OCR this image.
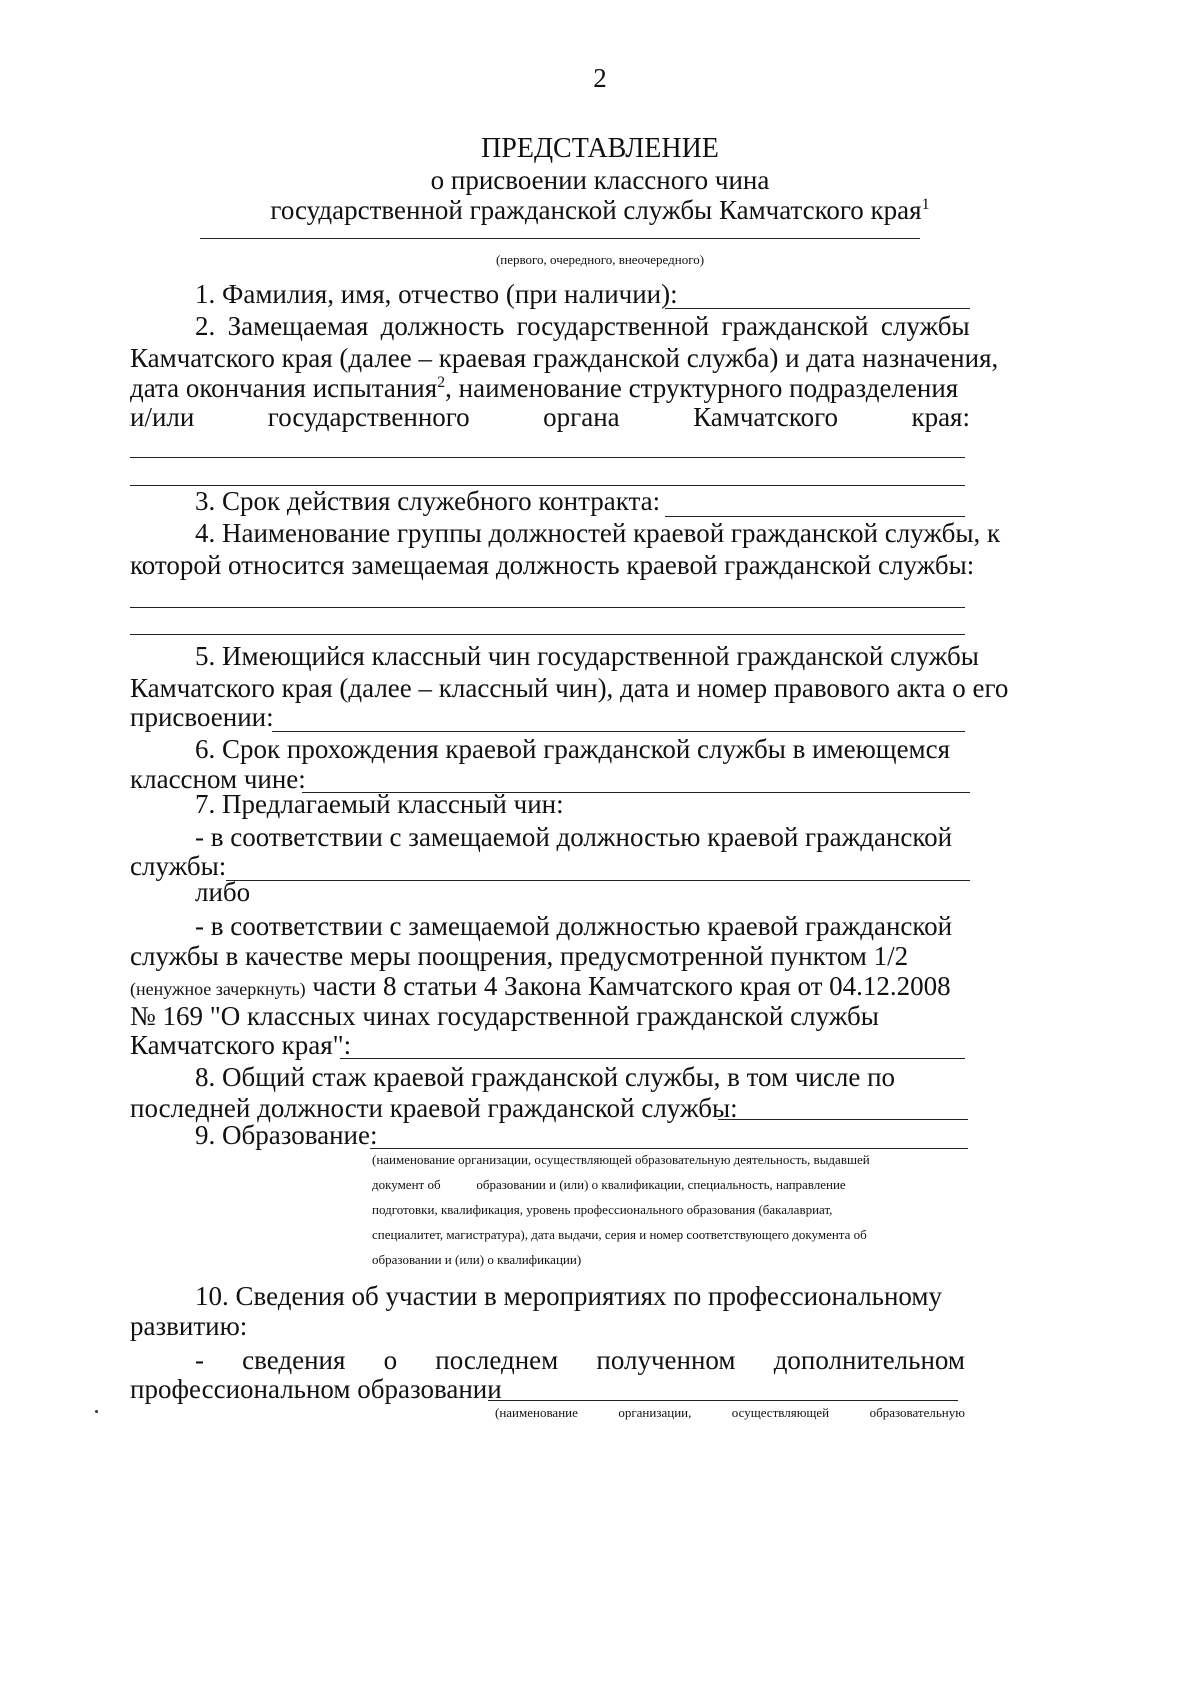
2
ПРЕДСТАВЛЕНИЕ
о присвоении классного чина
государственной гражданской службы Камчатского края$^1$
(первого, очередного, внеочередного)
1. Фамилия, имя, отчество (при наличии):
2. Замещаемая должность государственной гражданской службы
Камчатского края (далее – краевая гражданской служба) и дата назначения,
дата окончания испытания$^2$, наименование структурного подразделения
и/или	государственного	органа	Камчатского	края:
3. Срок действия служебного контракта:
4. Наименование группы должностей краевой гражданской службы, к
которой относится замещаемая должность краевой гражданской службы:
5. Имеющийся классный чин государственной гражданской службы
Камчатского края (далее – классный чин), дата и номер правового акта о его
присвоении:
6. Срок прохождения краевой гражданской службы в имеющемся
классном чине:
7. Предлагаемый классный чин:
- в соответствии с замещаемой должностью краевой гражданской
службы:
либо
- в соответствии с замещаемой должностью краевой гражданской
службы в качестве меры поощрения, предусмотренной пунктом 1/2
(ненужное зачеркнуть) части 8 статьи 4 Закона Камчатского края от 04.12.2008
№ 169 "О классных чинах государственной гражданской службы
Камчатского края":
8. Общий стаж краевой гражданской службы, в том числе по
последней должности краевой гражданской службы:
9. Образование:
(наименование организации, осуществляющей образовательную деятельность, выдавшей
документ об           образовании и (или) о квалификации, специальность, направление
подготовки, квалификация, уровень профессионального образования (бакалавриат,
специалитет, магистратура), дата выдачи, серия и номер соответствующего документа об
образовании и (или) о квалификации)
10. Сведения об участии в мероприятиях по профессиональному
развитию:
- сведения о последнем полученном дополнительном
профессиональном образовании
(наименование	организации,	осуществляющей	образовательную
